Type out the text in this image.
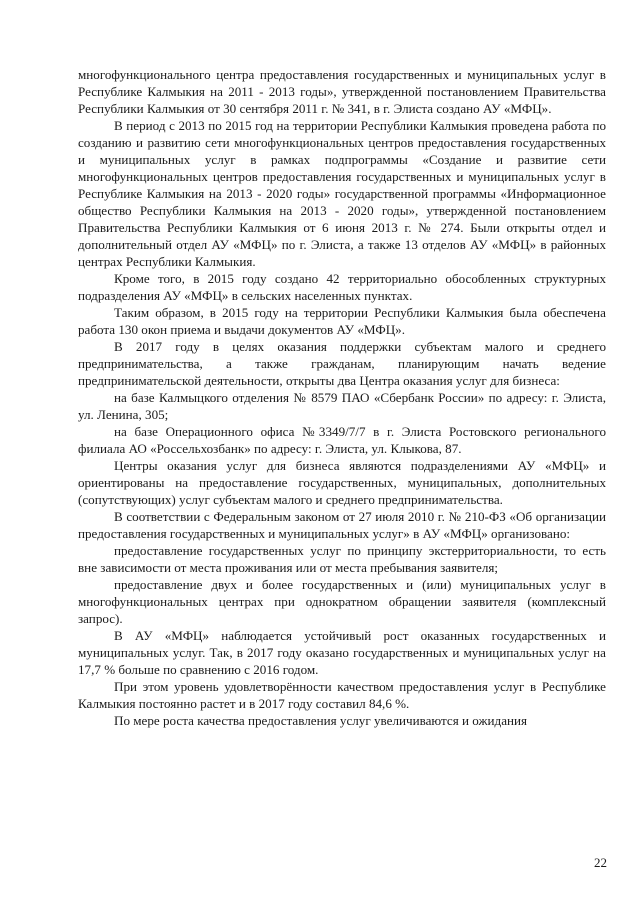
многофункционального центра предоставления государственных и муниципальных услуг в Республике Калмыкия на 2011 - 2013 годы», утвержденной постановлением Правительства Республики Калмыкия от 30 сентября 2011 г. № 341, в г. Элиста создано АУ «МФЦ».

В период с 2013 по 2015 год на территории Республики Калмыкия проведена работа по созданию и развитию сети многофункциональных центров предоставления государственных и муниципальных услуг в рамках подпрограммы «Создание и развитие сети многофункциональных центров предоставления государственных и муниципальных услуг в Республике Калмыкия на 2013 - 2020 годы» государственной программы «Информационное общество Республики Калмыкия на 2013 - 2020 годы», утвержденной постановлением Правительства Республики Калмыкия от 6 июня 2013 г. № 274. Были открыты отдел и дополнительный отдел АУ «МФЦ» по г. Элиста, а также 13 отделов АУ «МФЦ» в районных центрах Республики Калмыкия.

Кроме того, в 2015 году создано 42 территориально обособленных структурных подразделения АУ «МФЦ» в сельских населенных пунктах.

Таким образом, в 2015 году на территории Республики Калмыкия была обеспечена работа 130 окон приема и выдачи документов АУ «МФЦ».

В 2017 году в целях оказания поддержки субъектам малого и среднего предпринимательства, а также гражданам, планирующим начать ведение предпринимательской деятельности, открыты два Центра оказания услуг для бизнеса:

на базе Калмыцкого отделения № 8579 ПАО «Сбербанк России» по адресу: г. Элиста, ул. Ленина, 305;

на базе Операционного офиса №3349/7/7 в г. Элиста Ростовского регионального филиала АО «Россельхозбанк» по адресу: г. Элиста, ул. Клыкова, 87.

Центры оказания услуг для бизнеса являются подразделениями АУ «МФЦ» и ориентированы на предоставление государственных, муниципальных, дополнительных (сопутствующих) услуг субъектам малого и среднего предпринимательства.

В соответствии с Федеральным законом от 27 июля 2010 г. № 210-ФЗ «Об организации предоставления государственных и муниципальных услуг» в АУ «МФЦ» организовано:

предоставление государственных услуг по принципу экстерриториальности, то есть вне зависимости от места проживания или от места пребывания заявителя;

предоставление двух и более государственных и (или) муниципальных услуг в многофункциональных центрах при однократном обращении заявителя (комплексный запрос).

В АУ «МФЦ» наблюдается устойчивый рост оказанных государственных и муниципальных услуг. Так, в 2017 году оказано государственных и муниципальных услуг на 17,7 % больше по сравнению с 2016 годом.

При этом уровень удовлетворённости качеством предоставления услуг в Республике Калмыкия постоянно растет и в 2017 году составил 84,6 %.

По мере роста качества предоставления услуг увеличиваются и ожидания

22
